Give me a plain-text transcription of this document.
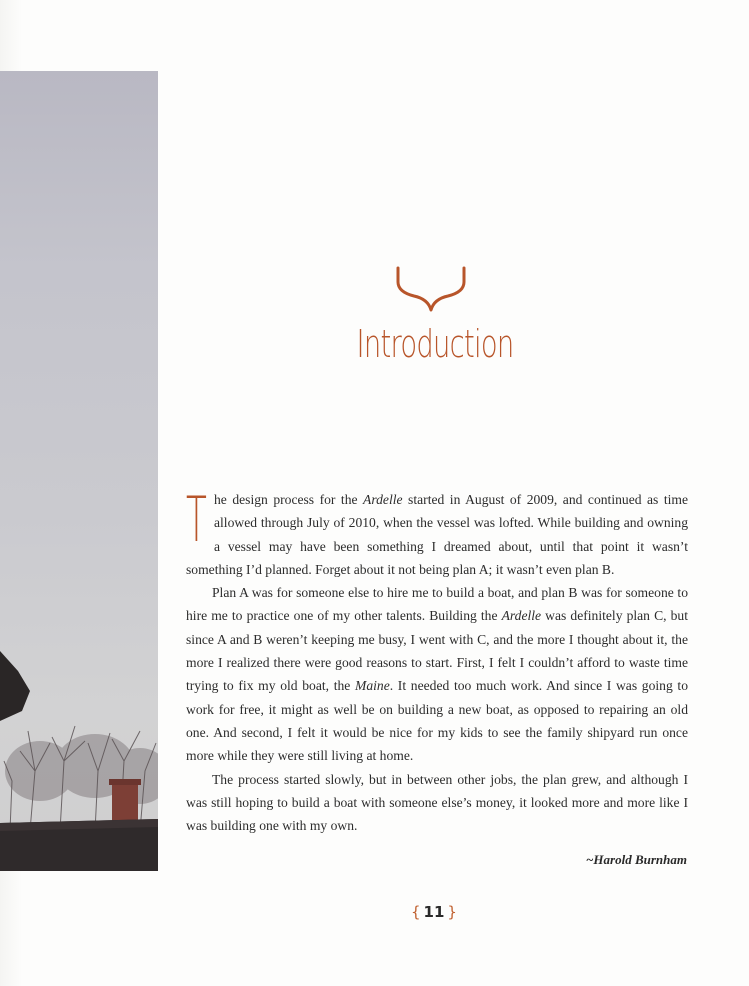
Introduction

The design process for the Ardelle started in August of 2009, and continued as time allowed through July of 2010, when the vessel was lofted. While building and owning a vessel may have been something I dreamed about, until that point it wasn’t something I’d planned. Forget about it not being plan A; it wasn’t even plan B.

Plan A was for someone else to hire me to build a boat, and plan B was for someone to hire me to practice one of my other talents. Building the Ardelle was definitely plan C, but since A and B weren’t keeping me busy, I went with C, and the more I thought about it, the more I realized there were good reasons to start. First, I felt I couldn’t afford to waste time trying to fix my old boat, the Maine. It needed too much work. And since I was going to work for free, it might as well be on building a new boat, as opposed to repairing an old one. And second, I felt it would be nice for my kids to see the family shipyard run once more while they were still living at home.

The process started slowly, but in between other jobs, the plan grew, and although I was still hoping to build a boat with someone else’s money, it looked more and more like I was building one with my own.

~Harold Burnham
{ 11 }
